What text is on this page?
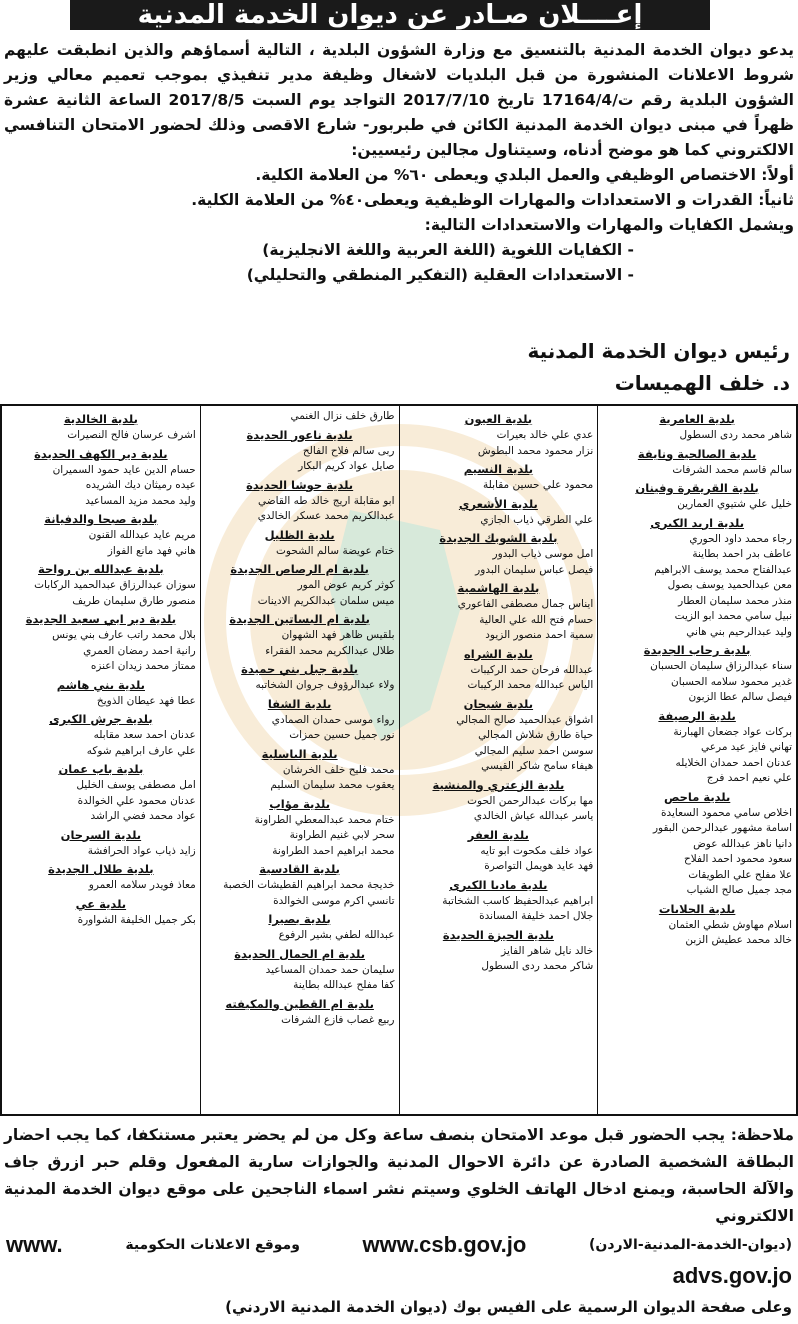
إعــــلان صـادر عن ديوان الخدمة المدنية

يدعو ديوان الخدمة المدنية بالتنسيق مع وزارة الشؤون البلدية ، التالية أسماؤهم والذين انطبقت عليهم شروط الاعلانات المنشورة من قبل البلديات لاشغال وظيفة مدير تنفيذي بموجب تعميم معالي وزير الشؤون البلدية رقم ت/17164/4 تاريخ 2017/7/10 التواجد يوم السبت 2017/8/5 الساعة الثانية عشرة ظهراً في مبنى ديوان الخدمة المدنية الكائن في طبربور- شارع الاقصى وذلك لحضور الامتحان التنافسي الالكتروني كما هو موضح أدناه، وسيتناول مجالين رئيسيين:

أولاً: الاختصاص الوظيفي والعمل البلدي ويعطى ٦٠% من العلامة الكلية.

ثانياً: القدرات و الاستعدادات والمهارات الوظيفية ويعطى٤٠% من العلامة الكلية.

ويشمل الكفايات والمهارات والاستعدادات التالية:

- الكفايات اللغوية (اللغة العربية واللغة الانجليزية)
- الاستعدادات العقلية (التفكير المنطقي والتحليلي)
رئيس ديوان الخدمة المدنية
د. خلف الهميسات
بلدية العامرية
شاهر محمد ردى السطول
بلدية الصالحية ونايفة
سالم قاسم محمد الشرفات
بلدية القريقرة وفينان
خليل علي شتيوي العمارين
بلدية اربد الكبرى
رجاء محمد داود الحوري
عاطف بدر احمد بطاينة
عبدالفتاح محمد يوسف الابراهيم
معن عبدالحميد يوسف بصول
منذر محمد سليمان العطار
نبيل سامي محمد ابو الزيت
وليد عبدالرحيم بني هاني
بلدية رحاب الجديدة
سناء عبدالرزاق سليمان الحسبان
غدير محمود سلامه الحسبان
فيصل سالم عطا الزبون
بلدية الرصيفة
بركات عواد جضعان الهبارنة
تهاني فايز عيد مرعي
عدنان احمد حمدان الخلايله
علي نعيم احمد فرج
بلدية ماحص
اخلاص سامي محمود السعايدة
اسامة مشهور عبدالرحمن البقور
دانيا ناهز عبدالله عوض
سعود محمود احمد الفلاح
علا مفلح علي الطويقات
مجد جميل صالح الشياب
بلدية الحلابات
اسلام مهاوش شطي العثمان
خالد محمد عطيش الزبن
بلدية العيون
عدي علي خالد بعيرات
نزار محمود محمد البطوش
بلدية النسيم
محمود علي حسين مقابلة
بلدية الأشعري
علي الطرقي ذياب الجازي
بلدية الشوبك الجديدة
امل موسى ذياب البدور
فيصل عباس سليمان البدور
بلدية الهاشمية
ايناس جمال مصطفى الفاعوري
حسام فتح الله علي العالية
سمية احمد منصور الزيود
بلدية الشراه
عبدالله فرحان حمد الركيبات
الياس عبدالله محمد الركيبات
بلدية شيحان
اشواق عبدالحميد صالح المجالي
حياة طارق شلاش المجالي
سوسن احمد سليم المجالي
هيفاء سامح شاكر القيسي
بلدية الزعتري والمنشية
مها بركات عبدالرحمن الحوت
ياسر عبدالله عياش الخالدي
بلدية العفر
عواد خلف مكحوت ابو تايه
فهد عايد هويمل التواصرة
بلدية مادبا الكبرى
ابراهيم عبدالحفيظ كاسب الشخاتبة
جلال احمد خليفة المساندة
بلدية الجيزة الجديدة
خالد نايل شاهر الفايز
شاكر محمد ردى السطول
طارق خلف نزال الغنمي
بلدية ناعور الجديدة
ربى سالم فلاح الفالح
صايل عواد كريم البكار
بلدية حوشا الجديدة
ابو مقابلة اريج خالد طه القاضي
عبدالكريم محمد عسكر الخالدي
بلدية الظليل
ختام عويضة سالم الشحوت
بلدية ام الرصاص الجديدة
كوثر كريم عوض المور
ميس سلمان عبدالكريم الادينات
بلدية ام البساتين الجديدة
بلقيس ظاهر فهد الشهوان
طلال عبدالكريم محمد الفقراء
بلدية جبل بني حميدة
ولاء عبدالرؤوف جروان الشخاتبه
بلدية الشفا
رواء موسى حمدان الصمادي
نور جميل حسين حمزات
بلدية الباسلية
محمد فليح خلف الخرشان
يعقوب محمد سليمان السليم
بلدية مؤاب
ختام محمد عبدالمعطي الطراونة
سحر لابي غنيم الطراونة
محمد ابراهيم احمد الطراونة
بلدية القادسية
خديجة محمد ابراهيم القطيشات الخصبة
تانسي اكرم موسى الخوالدة
بلدية بصيرا
عبدالله لطفي بشير الرفوع
بلدية ام الجمال الجديدة
سليمان حمد حمدان المساعيد
كفا مفلح عبدالله بطاينة
بلدية ام القطين والمكيفته
ربيع غصاب فازع الشرفات
بلدية الخالدية
اشرف عرسان فالح النصيرات
بلدية دير الكهف الجديدة
حسام الدين عايد حمود السميران
عيده رميثان ديك الشريده
وليد محمد مزيد المساعيد
بلدية صبحا والدفيانة
مريم عايد عبدالله القنون
هاني فهد مانع الفواز
بلدية عبدالله بن رواحة
سوزان عبدالرزاق عبدالحميد الركابات
منصور طارق سليمان طريف
بلدية دير ابي سعيد الجديدة
بلال محمد راتب عارف بني يونس
رانية احمد رمضان العمري
ممتاز محمد زيدان اعنزه
بلدية بني هاشم
عطا فهد عيطان الذويخ
بلدية جرش الكبرى
عدنان احمد سعد مقابله
علي عارف ابراهيم شوكه
بلدية باب عمان
امل مصطفى يوسف الخليل
عدنان محمود علي الخوالدة
عواد محمد فضي الراشد
بلدية السرحان
زايد ذياب عواد الحرافشة
بلدية طلال الجديدة
معاذ فويدر سلامه العمرو
بلدية عي
بكر جميل الخليفة الشواورة
ملاحظة: يجب الحضور قبل موعد الامتحان بنصف ساعة وكل من لم يحضر يعتبر مستنكفا، كما يجب احضار البطاقة الشخصية الصادرة عن دائرة الاحوال المدنية والجوازات سارية المفعول وقلم حبر ازرق جاف والآلة الحاسبة، ويمنع ادخال الهاتف الخلوي وسيتم نشر اسماء الناجحين على موقع ديوان الخدمة المدنية الالكتروني
(ديوان-الخدمة-المدنية-الاردن)
www.csb.gov.jo
وموقع الاعلانات الحكومية
www.
advs.gov.jo
وعلى صفحة الديوان الرسمية على الفيس بوك (ديوان الخدمة المدنية الاردني)
